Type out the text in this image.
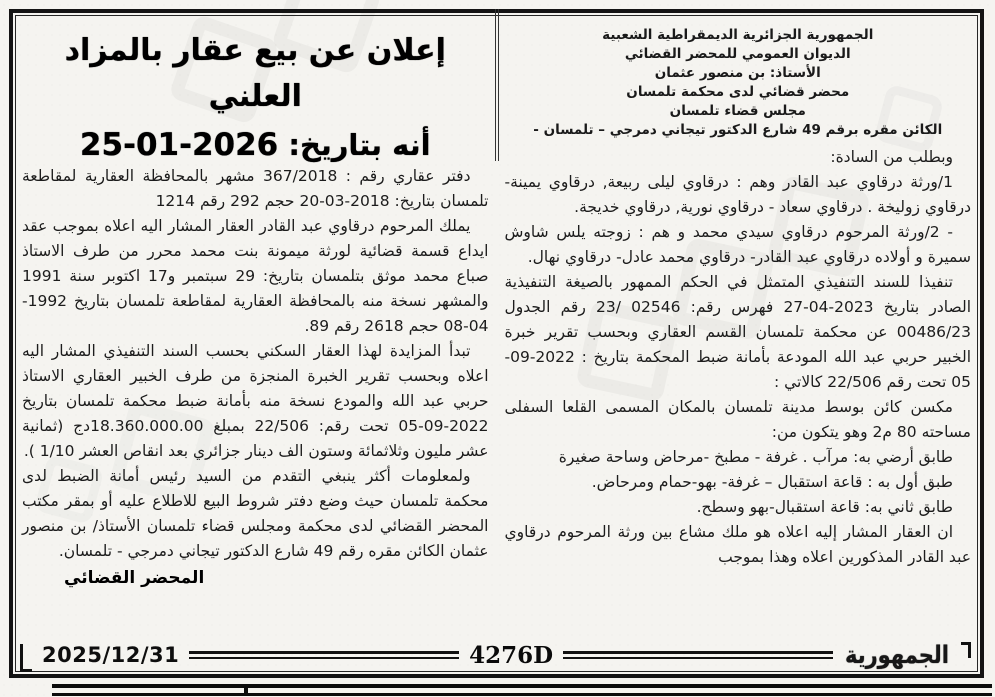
الجمهورية الجزائرية الديمقراطية الشعبية
الديوان العمومي للمحضر القضائي
الأستاذ: بن منصور عثمان
محضر قضائي لدى محكمة تلمسان
مجلس قضاء تلمسان
الكائن مقره برقم 49 شارع الدكتور تيجاني دمرجي – تلمسان -

وبطلب من السادة:

1/ورثة درقاوي عبد القادر وهم : درقاوي ليلى ربيعة, درقاوي يمينة- درقاوي زوليخة . درقاوي سعاد - درقاوي نورية, درقاوي خديجة.

- 2/ورثة المرحوم درقاوي سيدي محمد و هم : زوجته يلس شاوش سميرة و أولاده درقاوي عبد القادر- درقاوي محمد عادل- درقاوي نهال.

تنفيذا للسند التنفيذي المتمثل في الحكم الممهور بالصيغة التنفيذية الصادر بتاريخ 2023-04-27 فهرس رقم: 02546 /23 رقم الجدول 00486/23 عن محكمة تلمسان القسم العقاري وبحسب تقرير خبرة الخبير حربي عبد الله المودعة بأمانة ضبط المحكمة بتاريخ : 2022-09-05 تحت رقم 22/506 كالاتي :

مكسن كائن بوسط مدينة تلمسان بالمكان المسمى القلعا السفلى مساحته 80 م2 وهو يتكون من:

طابق أرضي به: مرآب . غرفة - مطبخ -مرحاض وساحة صغيرة

طبق أول به : قاعة استقبال – غرفة- بهو-حمام ومرحاض.

طابق ثاني به: قاعة استقبال-بهو وسطح.

ان العقار المشار إليه اعلاه هو ملك مشاع بين ورثة المرحوم درقاوي عبد القادر المذكورين اعلاه وهذا بموجب

إعلان عن بيع عقار بالمزاد العلني
أنه بتاريخ: 2026-01-25

دفتر عقاري رقم : 367/2018 مشهر بالمحافظة العقارية لمقاطعة تلمسان بتاريخ: 2018-03-20 حجم 292 رقم 1214

يملك المرحوم درقاوي عبد القادر العقار المشار اليه اعلاه بموجب عقد ايداع قسمة قضائية لورثة ميمونة بنت محمد محرر من طرف الاستاذ صباع محمد موثق بتلمسان بتاريخ: 29 سبتمبر و17 اكتوبر سنة 1991 والمشهر نسخة منه بالمحافظة العقارية لمقاطعة تلمسان بتاريخ 1992-04-08 حجم 2618 رقم 89.

تبدأ المزايدة لهذا العقار السكني بحسب السند التنفيذي المشار اليه اعلاه وبحسب تقرير الخبرة المنجزة من طرف الخبير العقاري الاستاذ حربي عبد الله والمودع نسخة منه بأمانة ضبط محكمة تلمسان بتاريخ 2022-09-05 تحت رقم: 22/506 بمبلغ 18.360.000.00دج (ثمانية عشر مليون وثلاثمائة وستون الف دينار جزائري بعد انقاص العشر 1/10 ).

ولمعلومات أكثر ينبغي التقدم من السيد رئيس أمانة الضبط لدى محكمة تلمسان حيث وضع دفتر شروط البيع للاطلاع عليه أو بمقر مكتب المحضر القضائي لدى محكمة ومجلس قضاء تلمسان الأستاذ/ بن منصور عثمان الكائن مقره رقم 49 شارع الدكتور تيجاني دمرجي - تلمسان.

المحضر القضائي
2025/12/31	4276D	الجمهورية
